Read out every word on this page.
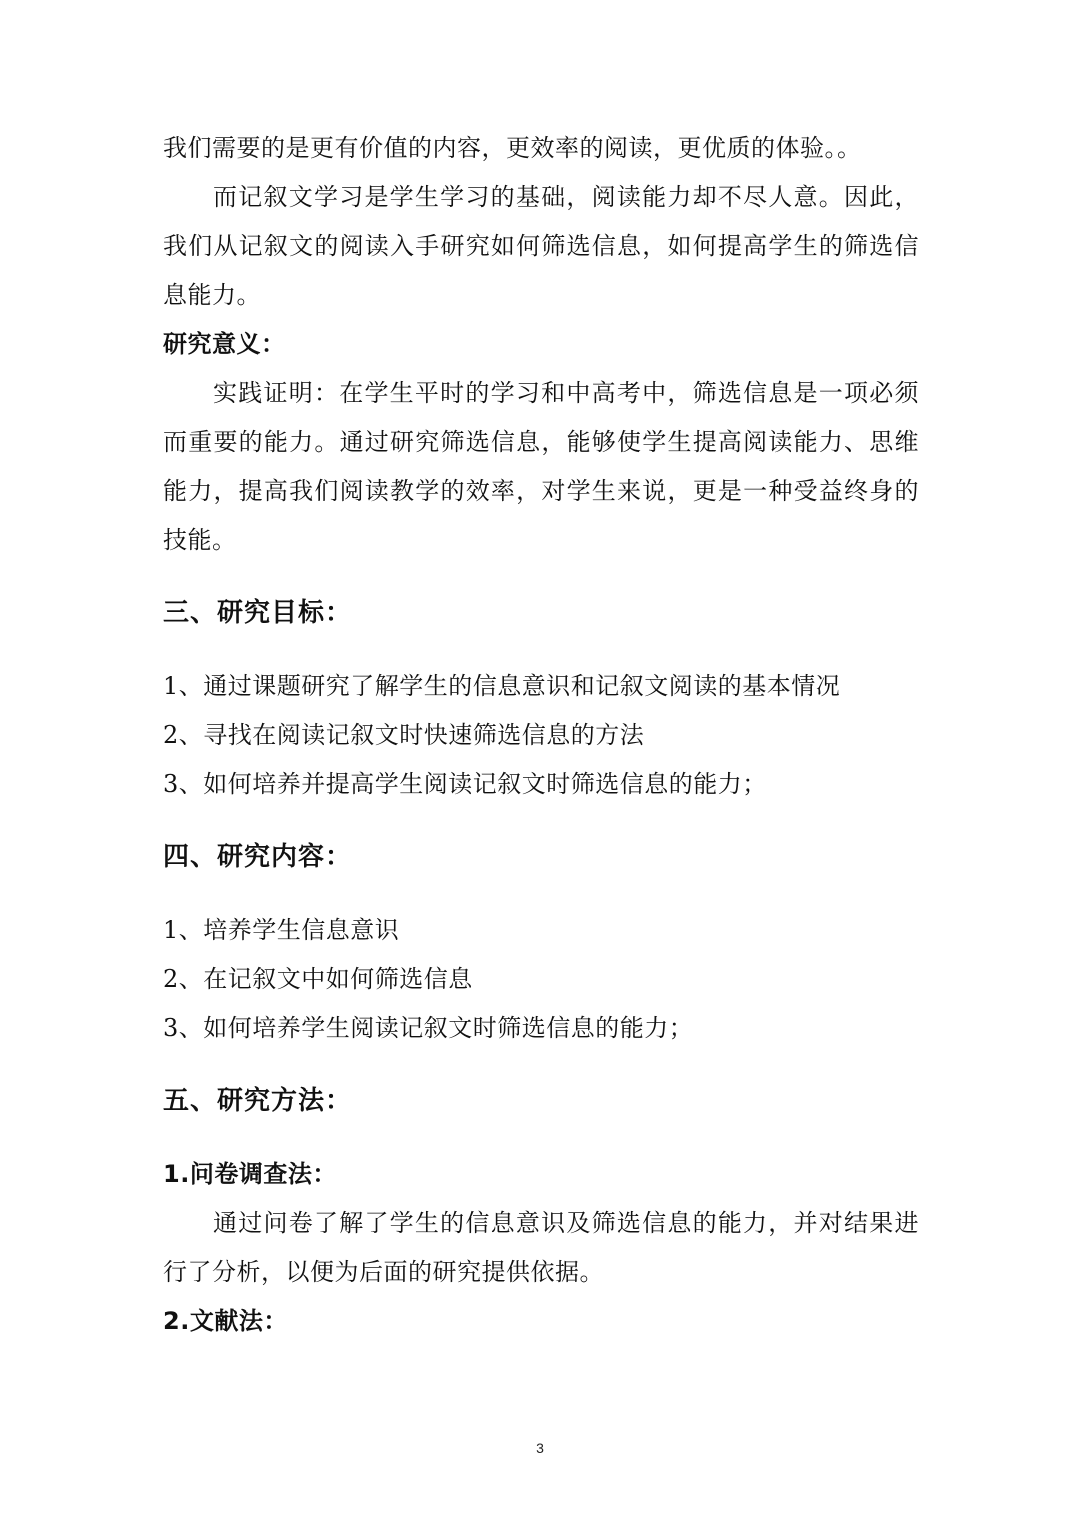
我们需要的是更有价值的内容，更效率的阅读，更优质的体验。。

而记叙文学习是学生学习的基础，阅读能力却不尽人意。因此，我们从记叙文的阅读入手研究如何筛选信息，如何提高学生的筛选信息能力。

研究意义：

实践证明：在学生平时的学习和中高考中，筛选信息是一项必须而重要的能力。通过研究筛选信息，能够使学生提高阅读能力、思维能力，提高我们阅读教学的效率，对学生来说，更是一种受益终身的技能。

三、研究目标：

1、通过课题研究了解学生的信息意识和记叙文阅读的基本情况

2、寻找在阅读记叙文时快速筛选信息的方法

3、如何培养并提高学生阅读记叙文时筛选信息的能力；

四、研究内容：

1、培养学生信息意识

2、在记叙文中如何筛选信息

3、如何培养学生阅读记叙文时筛选信息的能力；

五、研究方法：

1.问卷调查法：

通过问卷了解了学生的信息意识及筛选信息的能力，并对结果进行了分析，以便为后面的研究提供依据。

2.文献法：

3
